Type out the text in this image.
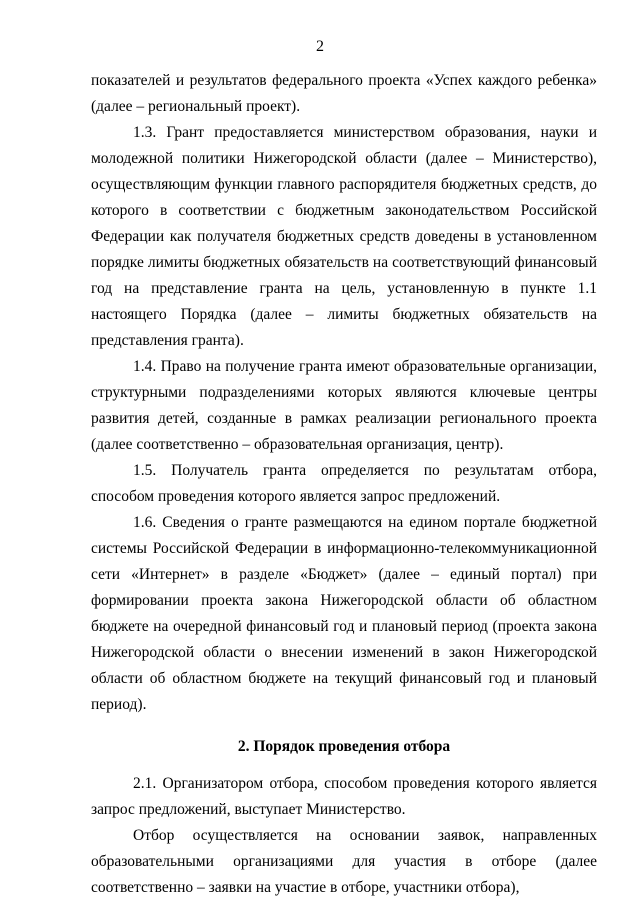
2

показателей и результатов федерального проекта «Успех каждого ребенка» (далее – региональный проект).

1.3. Грант предоставляется министерством образования, науки и молодежной политики Нижегородской области (далее – Министерство), осуществляющим функции главного распорядителя бюджетных средств, до которого в соответствии с бюджетным законодательством Российской Федерации как получателя бюджетных средств доведены в установленном порядке лимиты бюджетных обязательств на соответствующий финансовый год на представление гранта на цель, установленную в пункте 1.1 настоящего Порядка (далее – лимиты бюджетных обязательств на представления гранта).

1.4. Право на получение гранта имеют образовательные организации, структурными подразделениями которых являются ключевые центры развития детей, созданные в рамках реализации регионального проекта (далее соответственно – образовательная организация, центр).

1.5. Получатель гранта определяется по результатам отбора, способом проведения которого является запрос предложений.

1.6. Сведения о гранте размещаются на едином портале бюджетной системы Российской Федерации в информационно-телекоммуникационной сети «Интернет» в разделе «Бюджет» (далее – единый портал) при формировании проекта закона Нижегородской области об областном бюджете на очередной финансовый год и плановый период (проекта закона Нижегородской области о внесении изменений в закон Нижегородской области об областном бюджете на текущий финансовый год и плановый период).

2. Порядок проведения отбора

2.1. Организатором отбора, способом проведения которого является запрос предложений, выступает Министерство.

Отбор осуществляется на основании заявок, направленных образовательными организациями для участия в отборе (далее соответственно – заявки на участие в отборе, участники отбора),
